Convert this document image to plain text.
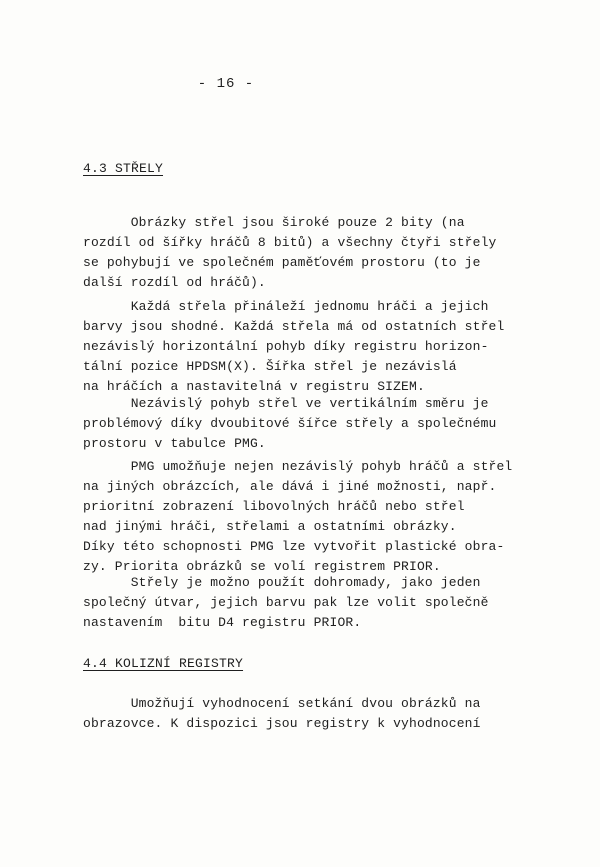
- 16 -
4.3 STŘELY
Obrázky střel jsou široké pouze 2 bity (na
rozdíl od šířky hráčů 8 bitů) a všechny čtyři střely
se pohybují ve společném paměťovém prostoru (to je
další rozdíl od hráčů).
Každá střela přináleží jednomu hráči a jejich
barvy jsou shodné. Každá střela má od ostatních střel
nezávislý horizontální pohyb díky registru horizon-
tální pozice HPDSM(X). Šířka střel je nezávislá
na hráčích a nastavitelná v registru SIZEM.
Nezávislý pohyb střel ve vertikálním směru je
problémový díky dvoubitové šířce střely a společnému
prostoru v tabulce PMG.
PMG umožňuje nejen nezávislý pohyb hráčů a střel
na jiných obrázcích, ale dává i jiné možnosti, např.
prioritní zobrazení libovolných hráčů nebo střel
nad jinými hráči, střelami a ostatními obrázky.
Díky této schopnosti PMG lze vytvořit plastické obra-
zy. Priorita obrázků se volí registrem PRIOR.
Střely je možno použít dohromady, jako jeden
společný útvar, jejich barvu pak lze volit společně
nastavením  bitu D4 registru PRIOR.
4.4 KOLIZNÍ REGISTRY
Umožňují vyhodnocení setkání dvou obrázků na
obrazovce. K dispozici jsou registry k vyhodnocení
